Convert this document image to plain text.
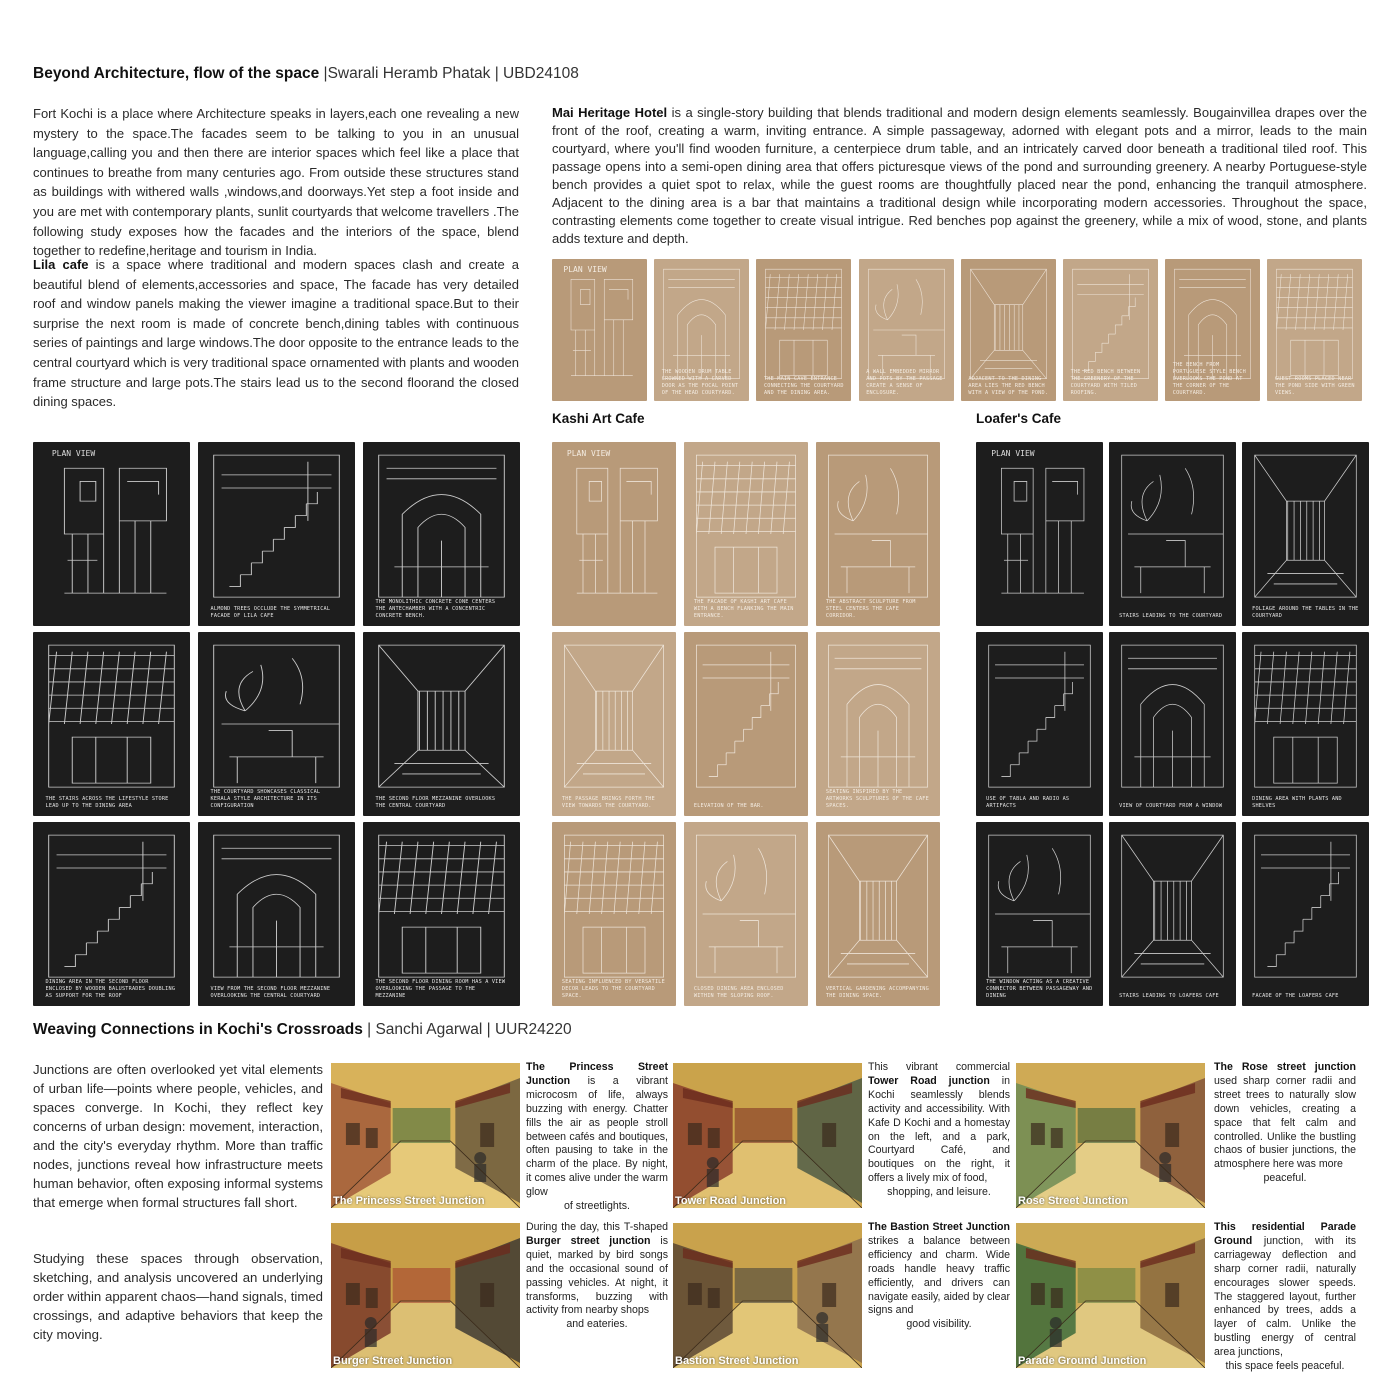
Beyond Architecture, flow of the space |Swarali Heramb Phatak | UBD24108
Fort Kochi is a place where Architecture speaks in layers,each one revealing a new mystery to the space.The facades seem to be talking to you in an unusual language,calling you and then there are interior spaces which feel like a place that continues to breathe from many centuries ago. From outside these structures stand as buildings with withered walls ,windows,and doorways.Yet step a foot inside and you are met with contemporary plants, sunlit courtyards that welcome travellers .The following study exposes how the facades and the interiors of the space, blend together to redefine,heritage and tourism in India.
Lila cafe is a space where traditional and modern spaces clash and create a beautiful blend of elements,accessories and space, The facade has very detailed roof and window panels making the viewer imagine a traditional space.But to their surprise the next room is made of concrete bench,dining tables with continuous series of paintings and large windows.The door opposite to the entrance leads to the central courtyard which is very traditional space ornamented with plants and wooden frame structure and large pots.The stairs lead us to the second floorand the closed dining spaces.
Mai Heritage Hotel is a single-story building that blends traditional and modern design elements seamlessly. Bougainvillea drapes over the front of the roof, creating a warm, inviting entrance. A simple passageway, adorned with elegant pots and a mirror, leads to the main courtyard, where you'll find wooden furniture, a centerpiece drum table, and an intricately carved door beneath a traditional tiled roof. This passage opens into a semi-open dining area that offers picturesque views of the pond and surrounding greenery. A nearby Portuguese-style bench provides a quiet spot to relax, while the guest rooms are thoughtfully placed near the pond, enhancing the tranquil atmosphere. Adjacent to the dining area is a bar that maintains a traditional design while incorporating modern accessories. Throughout the space, contrasting elements come together to create visual intrigue. Red benches pop against the greenery, while a mix of wood, stone, and plants adds texture and depth.
Kashi Art Cafe	Loafer's Cafe
PLAN VIEW
ALMOND TREES OCCLUDE THE SYMMETRICAL FACADE OF LILA CAFE
THE MONOLITHIC CONCRETE CONE CENTERS THE ANTECHAMBER WITH A CONCENTRIC CONCRETE BENCH.
THE STAIRS ACROSS THE LIFESTYLE STORE LEAD UP TO THE DINING AREA
THE COURTYARD SHOWCASES CLASSICAL KERALA STYLE ARCHITECTURE IN ITS CONFIGURATION
THE SECOND FLOOR MEZZANINE OVERLOOKS THE CENTRAL COURTYARD
DINING AREA IN THE SECOND FLOOR ENCLOSED BY WOODEN BALUSTRADES DOUBLING AS SUPPORT FOR THE ROOF
VIEW FROM THE SECOND FLOOR MEZZANINE OVERLOOKING THE CENTRAL COURTYARD
THE SECOND FLOOR DINING ROOM HAS A VIEW OVERLOOKING THE PASSAGE TO THE MEZZANINE
PLAN VIEW
THE WOODEN DRUM TABLE CROWNED WITH A CARVED DOOR AS THE FOCAL POINT OF THE HEAD COURTYARD.
THE MAIN CAVE ENTRANCE CONNECTING THE COURTYARD AND THE DINING AREA.
A WALL EMBEDDED MIRROR AND POTS BY THE PASSAGE CREATE A SENSE OF ENCLOSURE.
ADJACENT TO THE DINING AREA LIES THE RED BENCH WITH A VIEW OF THE POND.
THE RED BENCH BETWEEN THE GREENERY OF THE COURTYARD WITH TILED ROOFING.
THE BENCH FROM PORTUGUESE STYLE BENCH OVERLOOKS THE POND AT THE CORNER OF THE COURTYARD.
GUEST ROOMS PLACED NEAR THE POND SIDE WITH GREEN VIEWS.
PLAN VIEW
THE FACADE OF KASHI ART CAFE WITH A BENCH FLANKING THE MAIN ENTRANCE.
THE ABSTRACT SCULPTURE FROM STEEL CENTERS THE CAFE CORRIDOR.
THE PASSAGE BRINGS FORTH THE VIEW TOWARDS THE COURTYARD.	ELEVATION OF THE BAR.
SEATING INSPIRED BY THE ARTWORKS SCULPTURES OF THE CAFE SPACES.
SEATING INFLUENCED BY VERSATILE DECOR LEADS TO THE COURTYARD SPACE.
CLOSED DINING AREA ENCLOSED WITHIN THE SLOPING ROOF.
VERTICAL GARDENING ACCOMPANYING THE DINING SPACE.
PLAN VIEW
STAIRS LEADING TO THE COURTYARD
FOLIAGE AROUND THE TABLES IN THE COURTYARD
USE OF TABLA AND RADIO AS ARTIFACTS	VIEW OF COURTYARD FROM A WINDOW
DINING AREA WITH PLANTS AND SHELVES
THE WINDOW ACTING AS A CREATIVE CONNECTOR BETWEEN PASSAGEWAY AND DINING	STAIRS LEADING TO LOAFERS CAFE	FACADE OF THE LOAFERS CAFE
Weaving Connections in Kochi's Crossroads | Sanchi Agarwal | UUR24220
Junctions are often overlooked yet vital elements of urban life—points where people, vehicles, and spaces converge. In Kochi, they reflect key concerns of urban design: movement, interaction, and the city's everyday rhythm. More than traffic nodes, junctions reveal how infrastructure meets human behavior, often exposing informal systems that emerge when formal structures fall short.
Studying these spaces through observation, sketching, and analysis uncovered an underlying order within apparent chaos—hand signals, timed crossings, and adaptive behaviors that keep the city moving.
The Princess Street Junction
The Princess Street Junction is a vibrant microcosm of life, always buzzing with energy. Chatter fills the air as people stroll between cafés and boutiques, often pausing to take in the charm of the place. By night, it comes alive under the warm glow
of streetlights.	Tower Road Junction
This vibrant commercial Tower Road junction in Kochi seamlessly blends activity and accessibility. With Kafe D Kochi and a homestay on the left, and a park, Courtyard Café, and boutiques on the right, it offers a lively mix of food,
shopping, and leisure.
Rose Street Junction
The Rose street junction used sharp corner radii and street trees to naturally slow down vehicles, creating a space that felt calm and controlled. Unlike the bustling chaos of busier junctions, the atmosphere here was more
peaceful.
Burger Street Junction
During the day, this T-shaped Burger street junction is quiet, marked by bird songs and the occasional sound of passing vehicles. At night, it transforms, buzzing with activity from nearby shops
and eateries.
Bastion Street Junction
The Bastion Street Junction strikes a balance between efficiency and charm. Wide roads handle heavy traffic efficiently, and drivers can navigate easily, aided by clear signs and
good visibility.
Parade Ground Junction
This residential Parade Ground junction, with its carriageway deflection and sharp corner radii, naturally encourages slower speeds. The staggered layout, further enhanced by trees, adds a layer of calm. Unlike the bustling energy of central area junctions,
this space feels peaceful.
